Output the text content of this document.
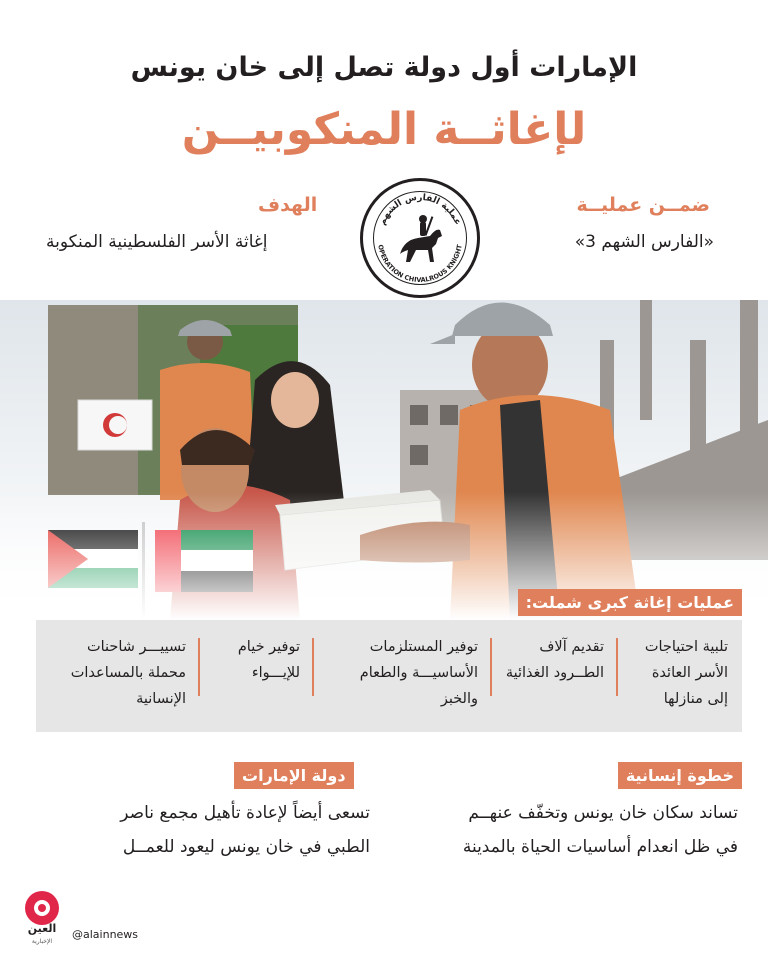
الإمارات أول دولة تصل إلى خان يونس
لإغاثــة المنكوبيــن
ضمــن عمليــة
«الفارس الشهم 3»
الهدف
إغاثة الأسر الفلسطينية المنكوبة
عملية الفارس الشهم
OPERATION CHIVALROUS KNIGHT
عمليات إغاثة كبرى شملت:
تلبية احتياجات الأسر العائدة إلى منازلها
تقديم آلاف الطــرود الغذائية
توفير المستلزمات الأساسيـــة والطعام والخبز
توفير خيام للإيـــواء
تسييـــر شاحنات محملة بالمساعدات الإنسانية
خطوة إنسانية
تساند سكان خان يونس وتخفّف عنهــم
في ظل انعدام أساسيات الحياة بالمدينة
دولة الإمارات
تسعى أيضاً لإعادة تأهيل مجمع ناصر
الطبي في خان يونس ليعود للعمــل
العين
الإخبارية
@alainnews
